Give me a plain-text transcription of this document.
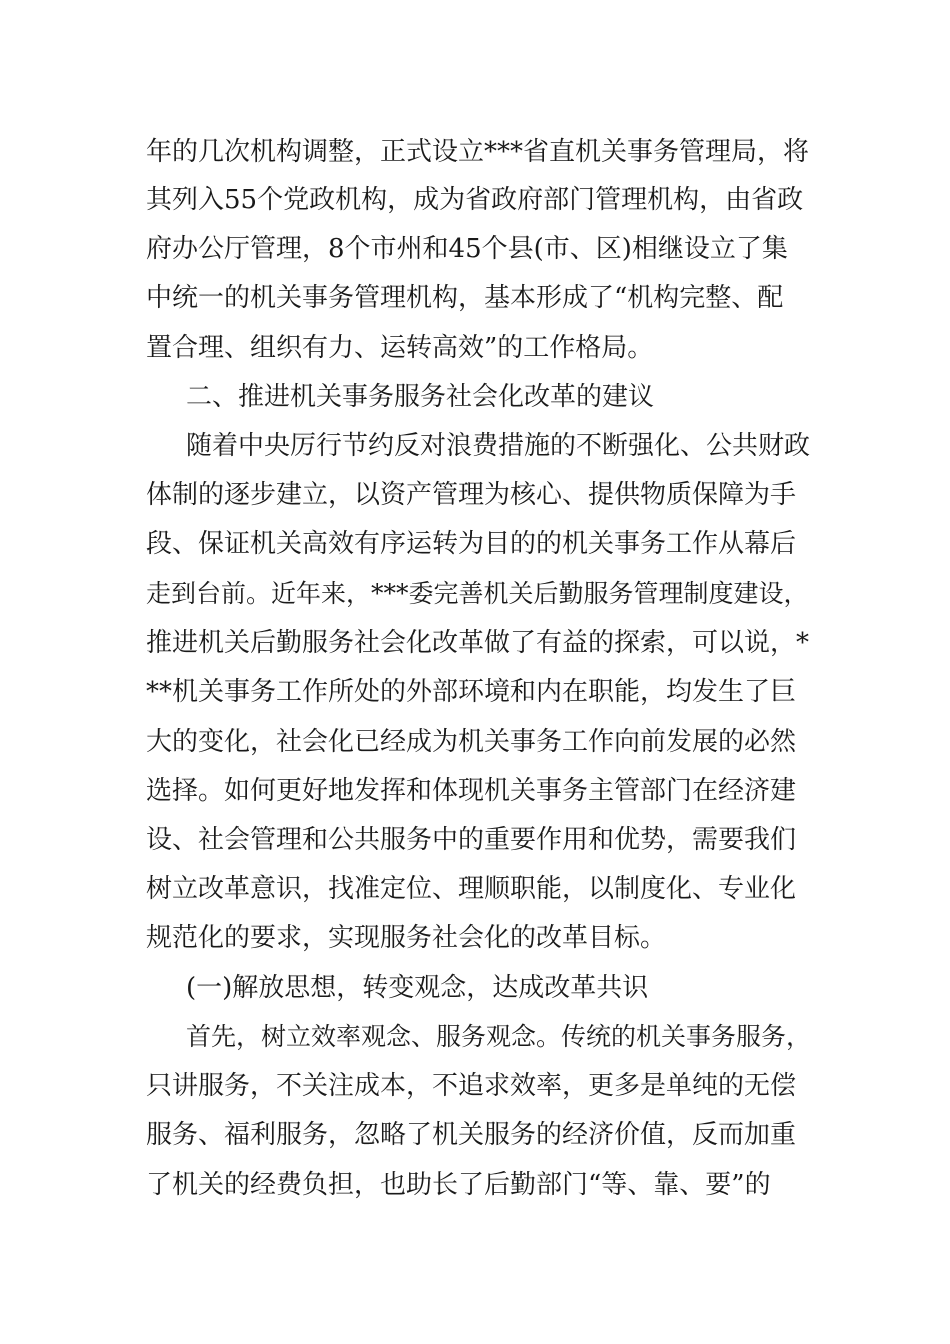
年的几次机构调整，正式设立***省直机关事务管理局，将

其列入55个党政机构，成为省政府部门管理机构，由省政

府办公厅管理，8个市州和45个县(市、区)相继设立了集

中统一的机关事务管理机构，基本形成了“机构完整、配

置合理、组织有力、运转高效”的工作格局。

二、推进机关事务服务社会化改革的建议

随着中央厉行节约反对浪费措施的不断强化、公共财政

体制的逐步建立，以资产管理为核心、提供物质保障为手

段、保证机关高效有序运转为目的的机关事务工作从幕后

走到台前。近年来，***委完善机关后勤服务管理制度建设，

推进机关后勤服务社会化改革做了有益的探索，可以说，*

**机关事务工作所处的外部环境和内在职能，均发生了巨

大的变化，社会化已经成为机关事务工作向前发展的必然

选择。如何更好地发挥和体现机关事务主管部门在经济建

设、社会管理和公共服务中的重要作用和优势，需要我们

树立改革意识，找准定位、理顺职能，以制度化、专业化

规范化的要求，实现服务社会化的改革目标。

(一)解放思想，转变观念，达成改革共识

首先，树立效率观念、服务观念。传统的机关事务服务，

只讲服务，不关注成本，不追求效率，更多是单纯的无偿

服务、福利服务，忽略了机关服务的经济价值，反而加重

了机关的经费负担，也助长了后勤部门“等、靠、要”的
